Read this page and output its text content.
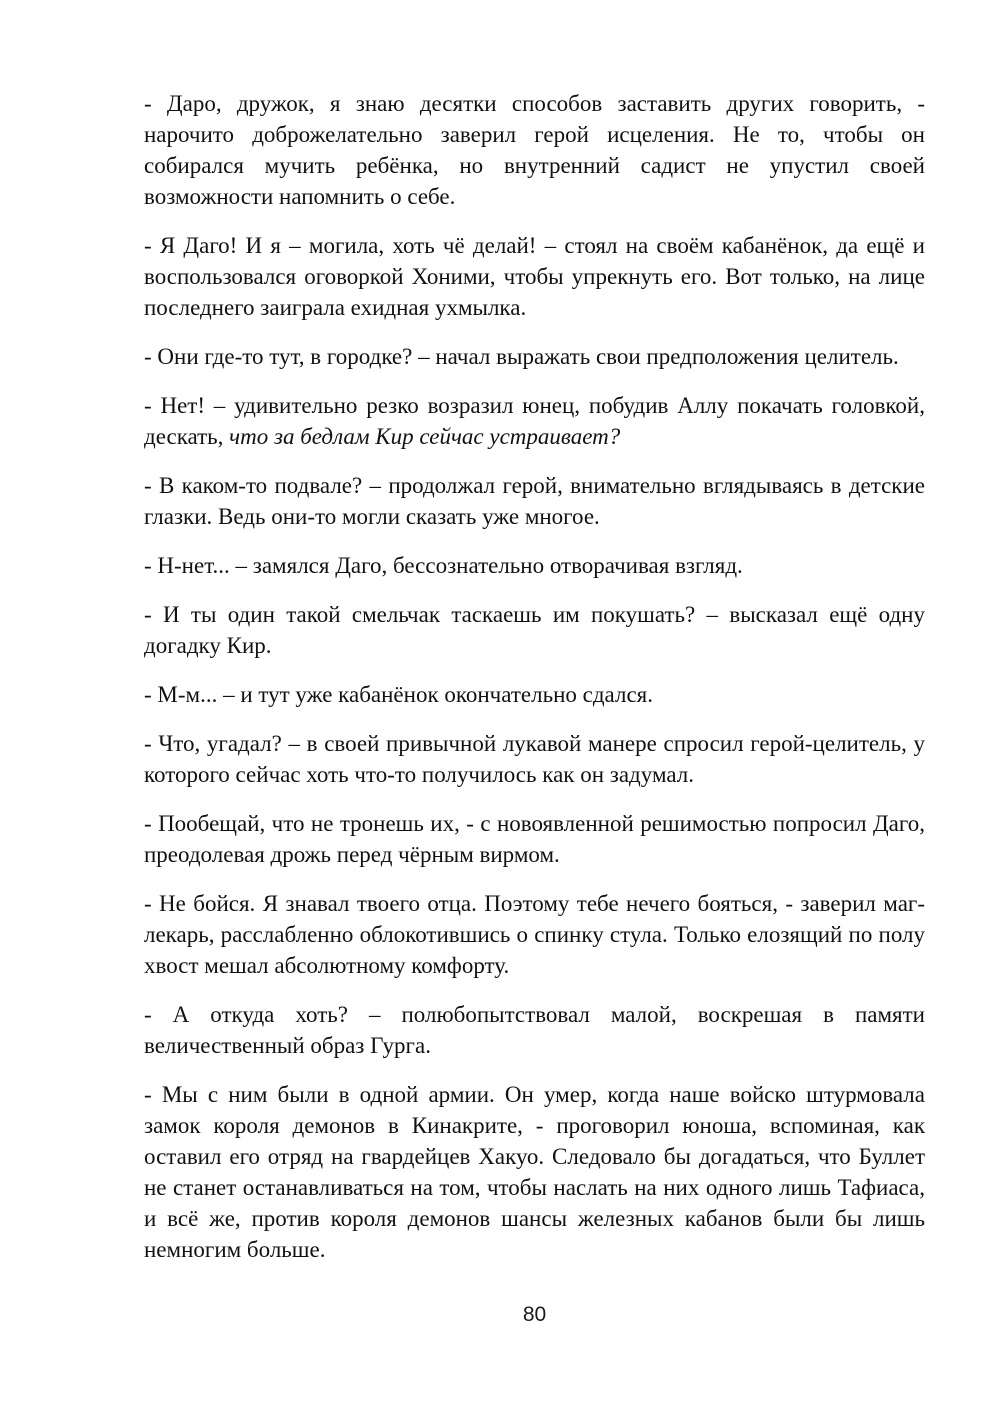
- Даро, дружок, я знаю десятки способов заставить других говорить, - нарочито доброжелательно заверил герой исцеления. Не то, чтобы он собирался мучить ребёнка, но внутренний садист не упустил своей возможности напомнить о себе.

- Я Даго! И я – могила, хоть чё делай! – стоял на своём кабанёнок, да ещё и воспользовался оговоркой Хоними, чтобы упрекнуть его. Вот только, на лице последнего заиграла ехидная ухмылка.

- Они где-то тут, в городке? – начал выражать свои предположения целитель.

- Нет! – удивительно резко возразил юнец, побудив Аллу покачать головкой, дескать, что за бедлам Кир сейчас устраивает?

- В каком-то подвале? – продолжал герой, внимательно вглядываясь в детские глазки. Ведь они-то могли сказать уже многое.

- Н-нет... – замялся Даго, бессознательно отворачивая взгляд.

- И ты один такой смельчак таскаешь им покушать? – высказал ещё одну догадку Кир.

- М-м... – и тут уже кабанёнок окончательно сдался.

- Что, угадал? – в своей привычной лукавой манере спросил герой-целитель, у которого сейчас хоть что-то получилось как он задумал.

- Пообещай, что не тронешь их, - с новоявленной решимостью попросил Даго, преодолевая дрожь перед чёрным вирмом.

- Не бойся. Я знавал твоего отца. Поэтому тебе нечего бояться, - заверил маг-лекарь, расслабленно облокотившись о спинку стула. Только елозящий по полу хвост мешал абсолютному комфорту.

- А откуда хоть? – полюбопытствовал малой, воскрешая в памяти величественный образ Гурга.

- Мы с ним были в одной армии. Он умер, когда наше войско штурмовала замок короля демонов в Кинакрите, - проговорил юноша, вспоминая, как оставил его отряд на гвардейцев Хакуо. Следовало бы догадаться, что Буллет не станет останавливаться на том, чтобы наслать на них одного лишь Тафиаса, и всё же, против короля демонов шансы железных кабанов были бы лишь немногим больше.

80
